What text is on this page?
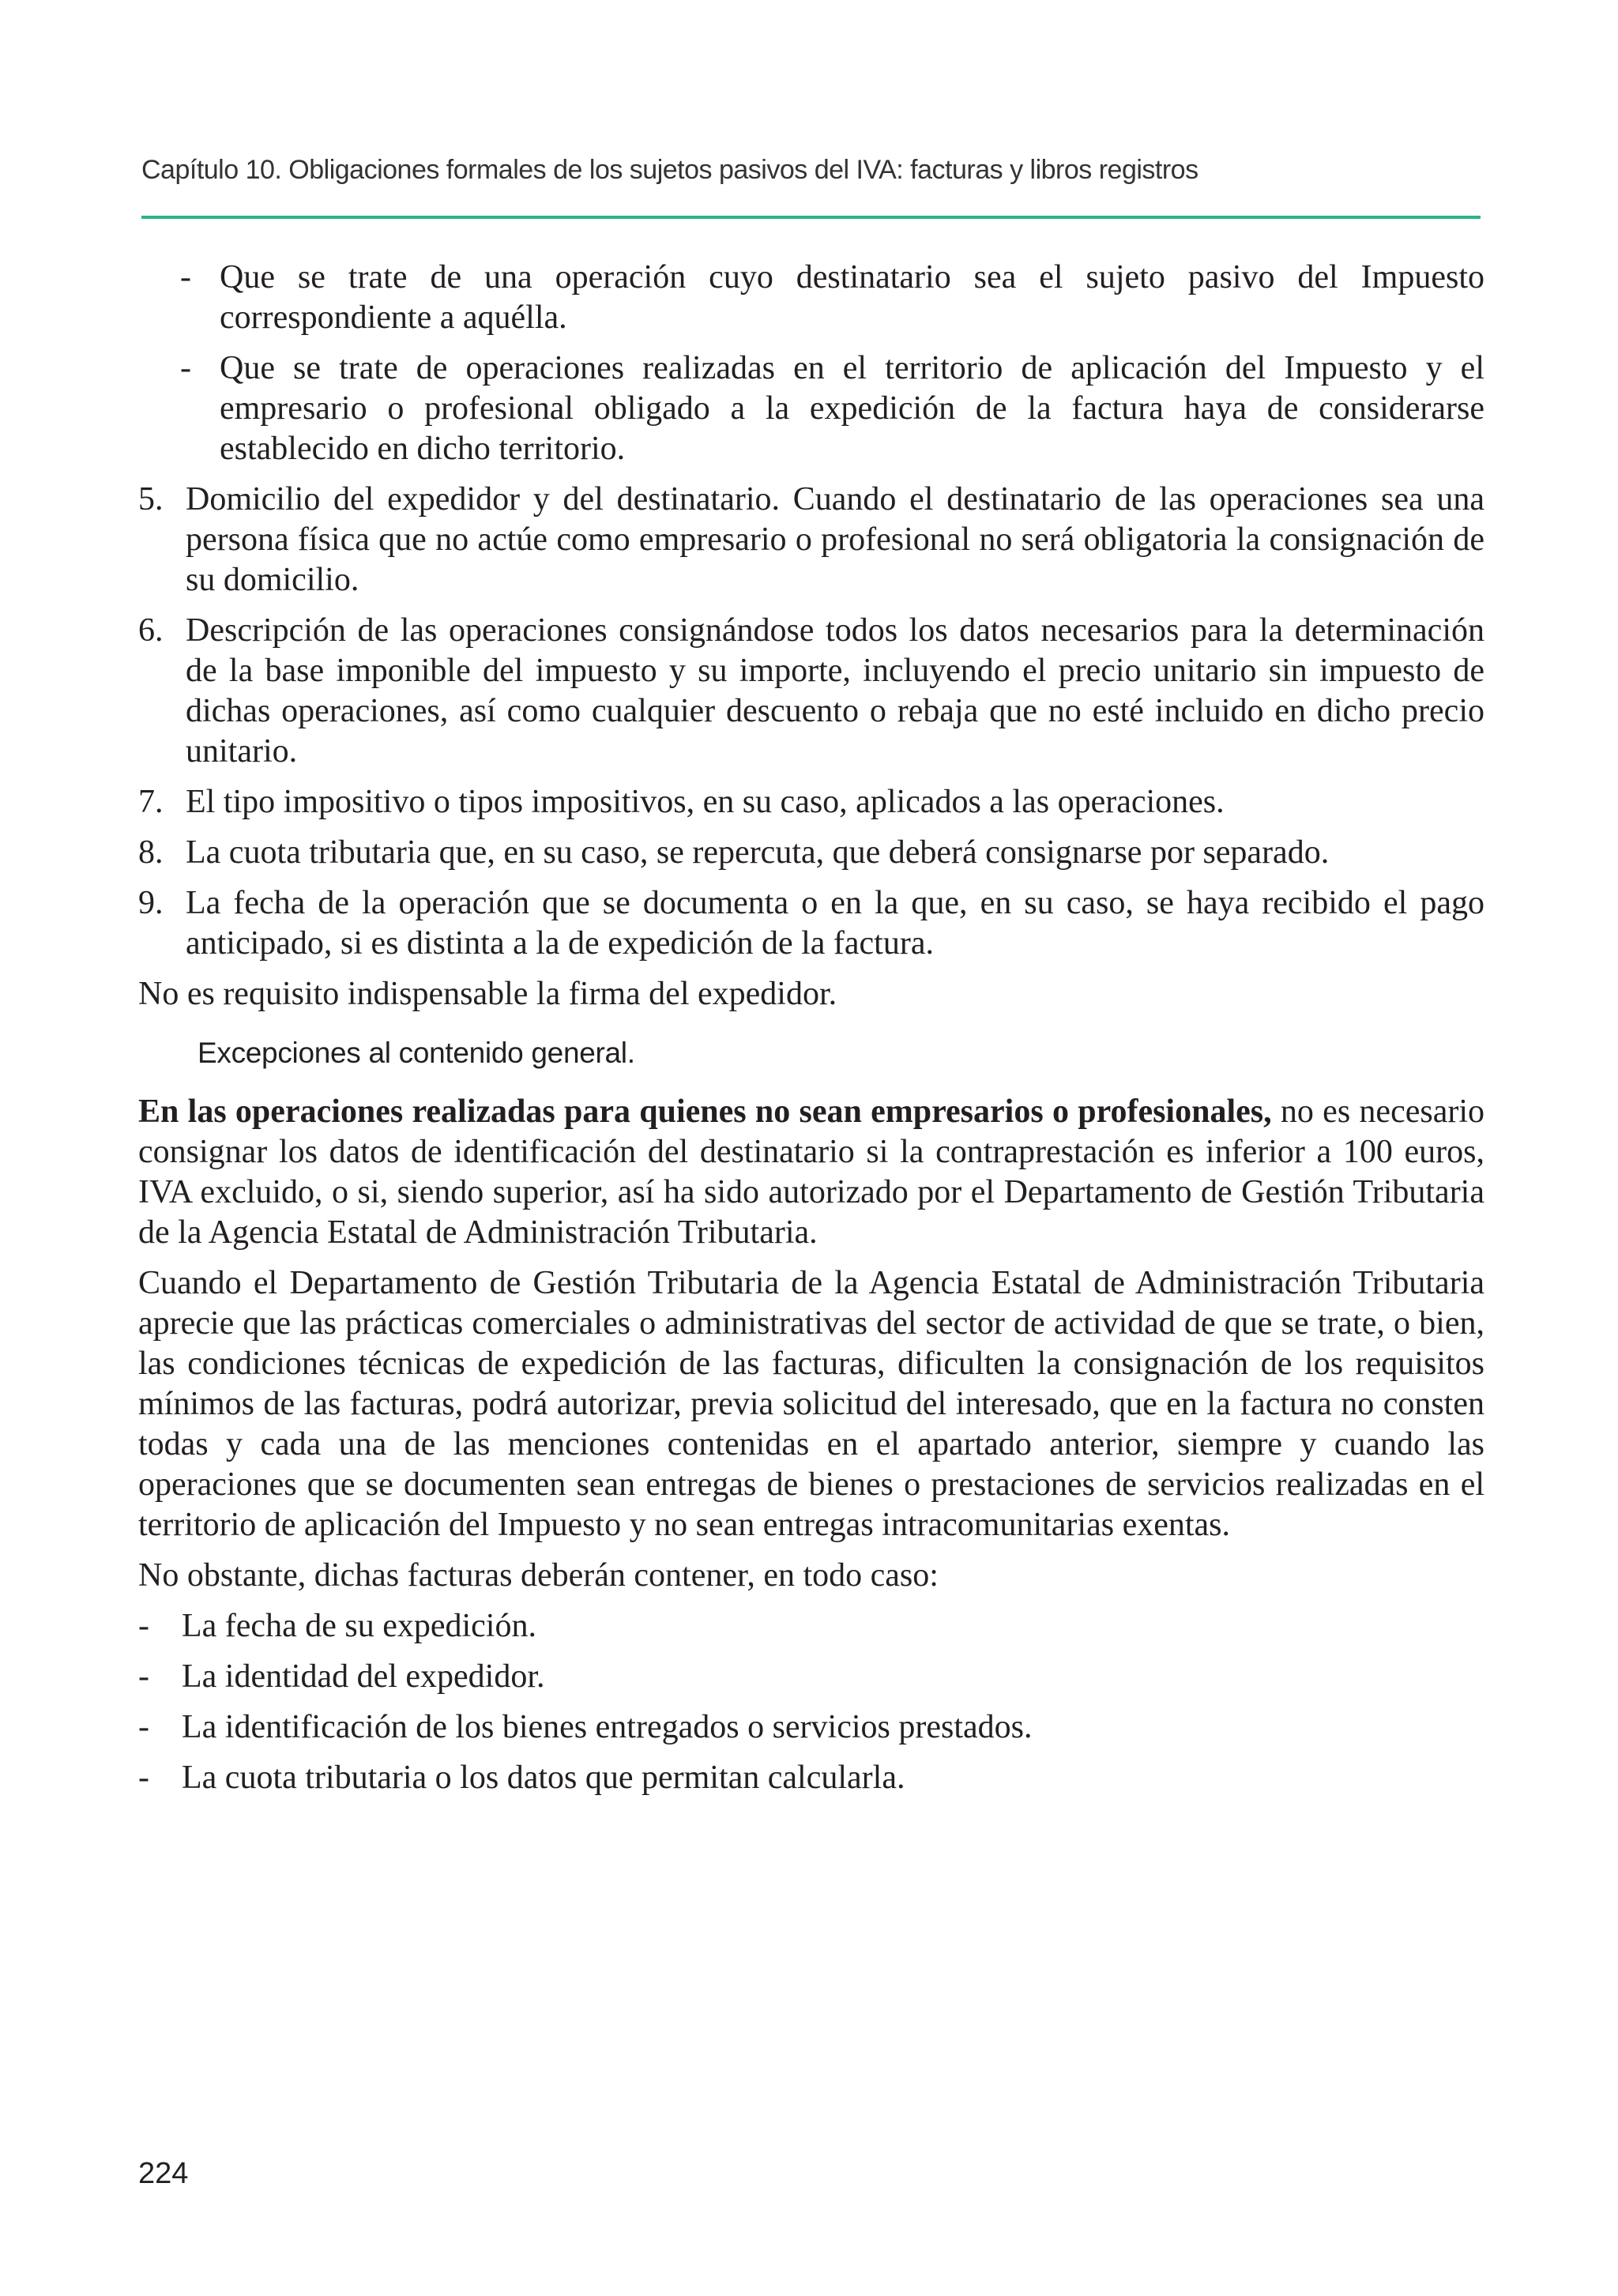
Capítulo 10. Obligaciones formales de los sujetos pasivos del IVA: facturas y libros registros
- Que se trate de una operación cuyo destinatario sea el sujeto pasivo del Impuesto correspondiente a aquélla.
- Que se trate de operaciones realizadas en el territorio de aplicación del Impuesto y el empresario o profesional obligado a la expedición de la factura haya de considerarse establecido en dicho territorio.
5. Domicilio del expedidor y del destinatario. Cuando el destinatario de las operaciones sea una persona física que no actúe como empresario o profesional no será obligatoria la consignación de su domicilio.
6. Descripción de las operaciones consignándose todos los datos necesarios para la determinación de la base imponible del impuesto y su importe, incluyendo el precio unitario sin impuesto de dichas operaciones, así como cualquier descuento o rebaja que no esté incluido en dicho precio unitario.
7. El tipo impositivo o tipos impositivos, en su caso, aplicados a las operaciones.
8. La cuota tributaria que, en su caso, se repercuta, que deberá consignarse por separado.
9. La fecha de la operación que se documenta o en la que, en su caso, se haya recibido el pago anticipado, si es distinta a la de expedición de la factura.

No es requisito indispensable la firma del expedidor.

Excepciones al contenido general.

En las operaciones realizadas para quienes no sean empresarios o profesionales, no es necesario consignar los datos de identificación del destinatario si la contraprestación es inferior a 100 euros, IVA excluido, o si, siendo superior, así ha sido autorizado por el Departamento de Gestión Tributaria de la Agencia Estatal de Administración Tributaria.

Cuando el Departamento de Gestión Tributaria de la Agencia Estatal de Administración Tributaria aprecie que las prácticas comerciales o administrativas del sector de actividad de que se trate, o bien, las condiciones técnicas de expedición de las facturas, dificulten la consignación de los requisitos mínimos de las facturas, podrá autorizar, previa solicitud del interesado, que en la factura no consten todas y cada una de las menciones contenidas en el apartado anterior, siempre y cuando las operaciones que se documenten sean entregas de bienes o prestaciones de servicios realizadas en el territorio de aplicación del Impuesto y no sean entregas intracomunitarias exentas.

No obstante, dichas facturas deberán contener, en todo caso:

- La fecha de su expedición.
- La identidad del expedidor.
- La identificación de los bienes entregados o servicios prestados.
- La cuota tributaria o los datos que permitan calcularla.
224
